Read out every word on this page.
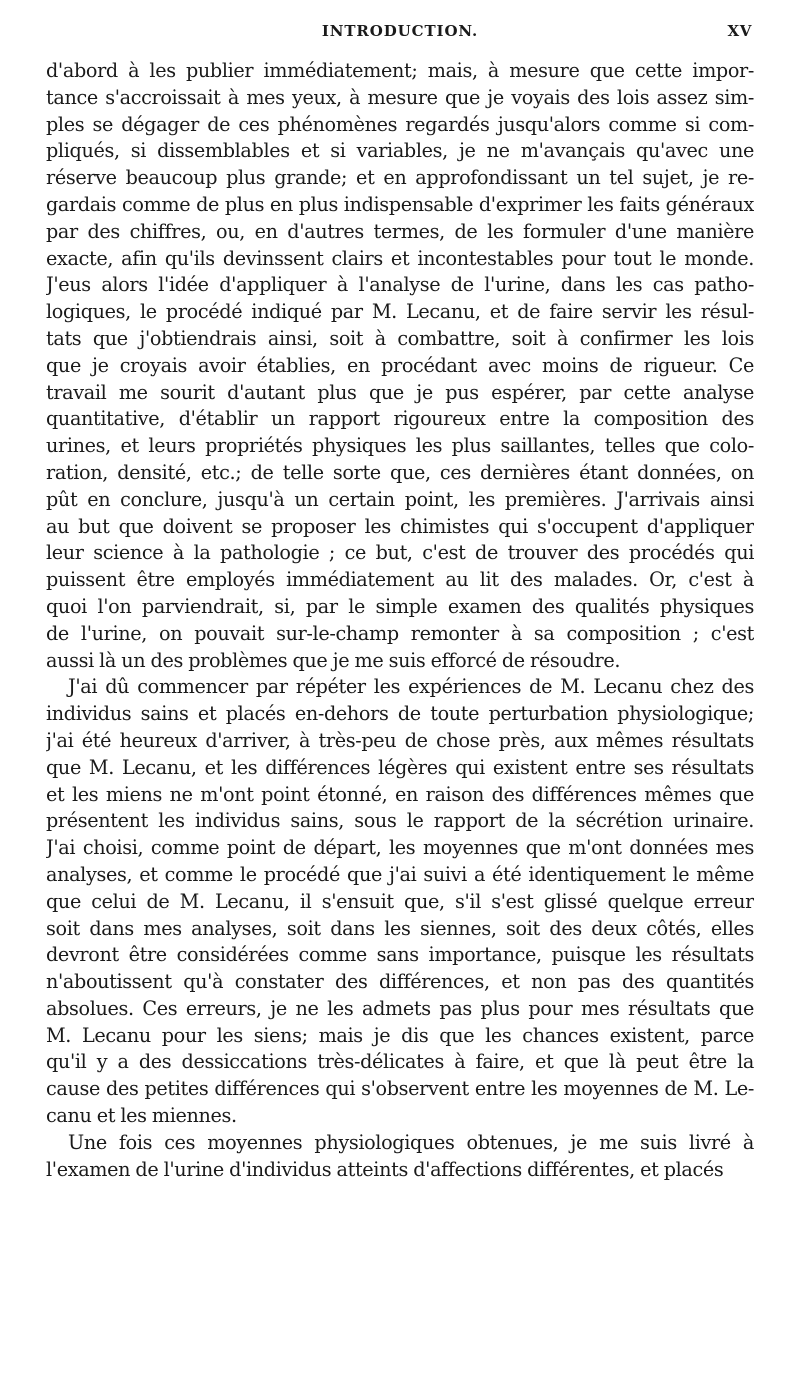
INTRODUCTION.	XV

d'abord à les publier immédiatement; mais, à mesure que cette impor-
tance s'accroissait à mes yeux, à mesure que je voyais des lois assez sim-
ples se dégager de ces phénomènes regardés jusqu'alors comme si com-
pliqués, si dissemblables et si variables, je ne m'avançais qu'avec une
réserve beaucoup plus grande; et en approfondissant un tel sujet, je re-
gardais comme de plus en plus indispensable d'exprimer les faits généraux
par des chiffres, ou, en d'autres termes, de les formuler d'une manière
exacte, afin qu'ils devinssent clairs et incontestables pour tout le monde.
J'eus alors l'idée d'appliquer à l'analyse de l'urine, dans les cas patho-
logiques, le procédé indiqué par M. Lecanu, et de faire servir les résul-
tats que j'obtiendrais ainsi, soit à combattre, soit à confirmer les lois
que je croyais avoir établies, en procédant avec moins de rigueur. Ce
travail me sourit d'autant plus que je pus espérer, par cette analyse
quantitative, d'établir un rapport rigoureux entre la composition des
urines, et leurs propriétés physiques les plus saillantes, telles que colo-
ration, densité, etc.; de telle sorte que, ces dernières étant données, on
pût en conclure, jusqu'à un certain point, les premières. J'arrivais ainsi
au but que doivent se proposer les chimistes qui s'occupent d'appliquer
leur science à la pathologie ; ce but, c'est de trouver des procédés qui
puissent être employés immédiatement au lit des malades. Or, c'est à
quoi l'on parviendrait, si, par le simple examen des qualités physiques
de l'urine, on pouvait sur-le-champ remonter à sa composition ; c'est
aussi là un des problèmes que je me suis efforcé de résoudre.

J'ai dû commencer par répéter les expériences de M. Lecanu chez des
individus sains et placés en-dehors de toute perturbation physiologique;
j'ai été heureux d'arriver, à très-peu de chose près, aux mêmes résultats
que M. Lecanu, et les différences légères qui existent entre ses résultats
et les miens ne m'ont point étonné, en raison des différences mêmes que
présentent les individus sains, sous le rapport de la sécrétion urinaire.
J'ai choisi, comme point de départ, les moyennes que m'ont données mes
analyses, et comme le procédé que j'ai suivi a été identiquement le même
que celui de M. Lecanu, il s'ensuit que, s'il s'est glissé quelque erreur
soit dans mes analyses, soit dans les siennes, soit des deux côtés, elles
devront être considérées comme sans importance, puisque les résultats
n'aboutissent qu'à constater des différences, et non pas des quantités
absolues. Ces erreurs, je ne les admets pas plus pour mes résultats que
M. Lecanu pour les siens; mais je dis que les chances existent, parce
qu'il y a des dessiccations très-délicates à faire, et que là peut être la
cause des petites différences qui s'observent entre les moyennes de M. Le-
canu et les miennes.

Une fois ces moyennes physiologiques obtenues, je me suis livré à
l'examen de l'urine d'individus atteints d'affections différentes, et placés
